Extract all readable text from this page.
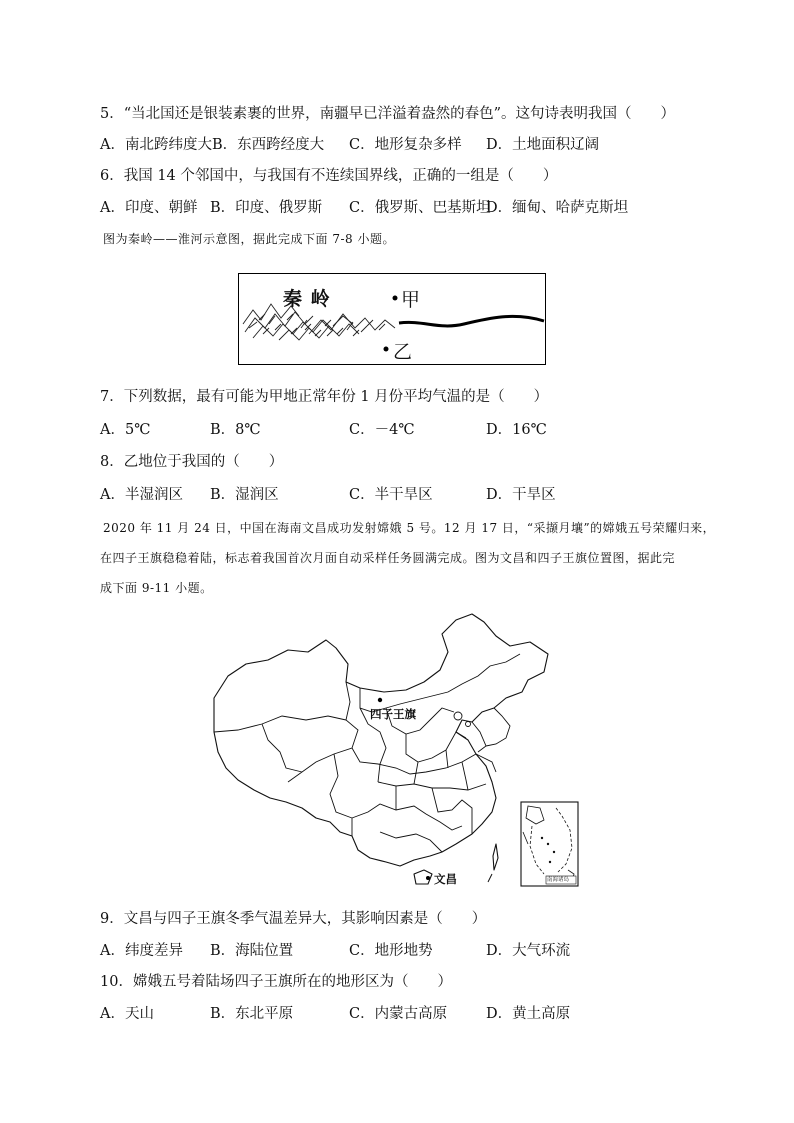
5．“当北国还是银装素裹的世界，南疆早已洋溢着盎然的春色”。这句诗表明我国（　　）
A．南北跨纬度大 B．东西跨经度大 C．地形复杂多样 D．土地面积辽阔
6．我国 14 个邻国中，与我国有不连续国界线，正确的一组是（　　）
A．印度、朝鲜 B．印度、俄罗斯 C．俄罗斯、巴基斯坦
D．缅甸、哈萨克斯坦
图为秦岭——淮河示意图，据此完成下面 7-8 小题。
秦 岭	甲
乙
7．下列数据，最有可能为甲地正常年份 1 月份平均气温的是（　　）
A．5℃	B．8℃	C．－4℃	D．16℃
8．乙地位于我国的（　　）
A．半湿润区 B．湿润区	C．半干旱区	D．干旱区
2020 年 11 月 24 日，中国在海南文昌成功发射嫦娥 5 号。12 月 17 日，“采撷月壤”的嫦娥五号荣耀归来，
在四子王旗稳稳着陆，标志着我国首次月面自动采样任务圆满完成。图为文昌和四子王旗位置图，据此完
成下面 9-11 小题。
四子王旗
文昌	南海诸岛
9．文昌与四子王旗冬季气温差异大，其影响因素是（　　）
A．纬度差异 B．海陆位置	C．地形地势	D．大气环流
10．嫦娥五号着陆场四子王旗所在的地形区为（　　）
A．天山	B．东北平原	C．内蒙古高原	D．黄土高原
